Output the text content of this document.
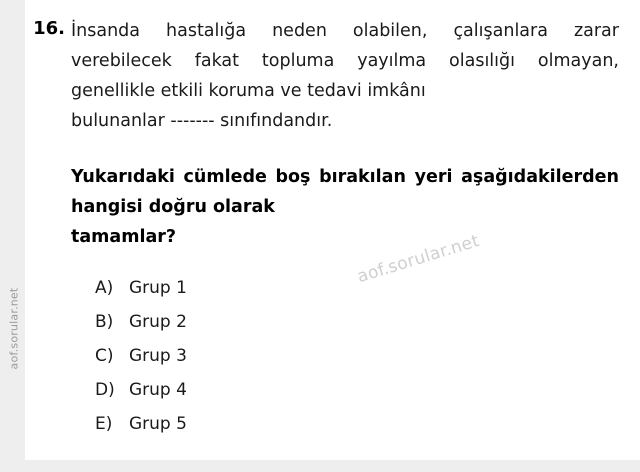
aof.sorular.net
16. İnsanda hastalığa neden olabilen, çalışanlara zarar verebilecek fakat topluma yayılma olasılığı olmayan, genellikle etkili koruma ve tedavi imkânı
bulunanlar ------- sınıfındandır.
Yukarıdaki cümlede boş bırakılan yeri aşağıdakilerden hangisi doğru olarak
tamamlar?
A) Grup 1
B) Grup 2
C) Grup 3
D) Grup 4
E) Grup 5
aof.sorular.net
